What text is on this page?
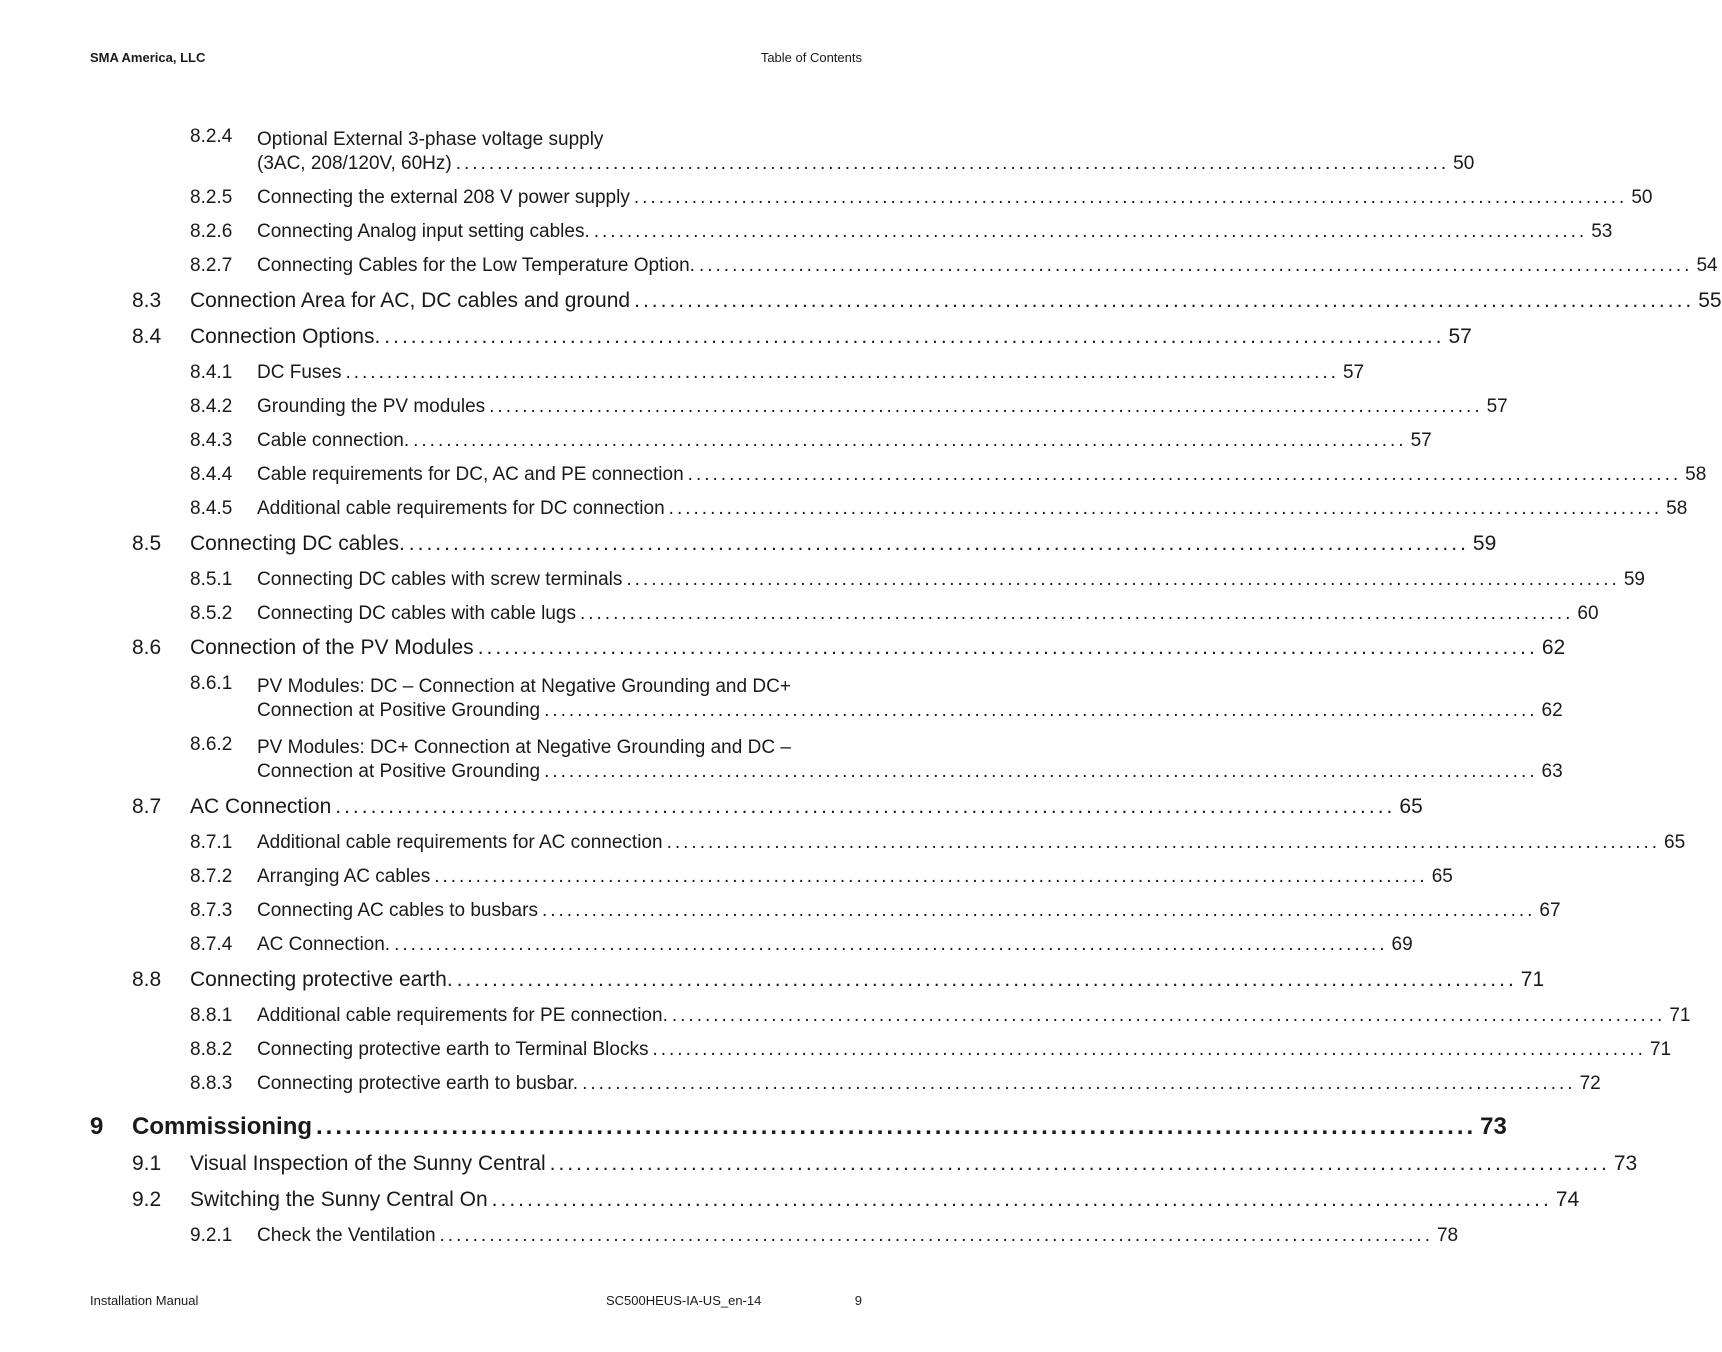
SMA America, LLC	Table of Contents
8.2.4 Optional External 3-phase voltage supply
(3AC, 208/120V, 60Hz) ........................................................................................................................ 50
8.2.5 Connecting the external 208 V power supply ........................................................................................................................ 50
8.2.6 Connecting Analog input setting cables. ........................................................................................................................ 53
8.2.7 Connecting Cables for the Low Temperature Option. ........................................................................................................................ 54
8.3 Connection Area for AC, DC cables and ground ........................................................................................................................ 55
8.4 Connection Options. ........................................................................................................................ 57
8.4.1 DC Fuses ........................................................................................................................ 57
8.4.2 Grounding the PV modules ........................................................................................................................ 57
8.4.3 Cable connection. ........................................................................................................................ 57
8.4.4 Cable requirements for DC, AC and PE connection ........................................................................................................................ 58
8.4.5 Additional cable requirements for DC connection ........................................................................................................................ 58
8.5 Connecting DC cables. ........................................................................................................................ 59
8.5.1 Connecting DC cables with screw terminals ........................................................................................................................ 59
8.5.2 Connecting DC cables with cable lugs ........................................................................................................................ 60
8.6 Connection of the PV Modules ........................................................................................................................ 62
8.6.1 PV Modules: DC – Connection at Negative Grounding and DC+
Connection at Positive Grounding ........................................................................................................................ 62
8.6.2 PV Modules: DC+ Connection at Negative Grounding and DC –
Connection at Positive Grounding ........................................................................................................................ 63
8.7 AC Connection ........................................................................................................................ 65
8.7.1 Additional cable requirements for AC connection ........................................................................................................................ 65
8.7.2 Arranging AC cables ........................................................................................................................ 65
8.7.3 Connecting AC cables to busbars ........................................................................................................................ 67
8.7.4 AC Connection. ........................................................................................................................ 69
8.8 Connecting protective earth. ........................................................................................................................ 71
8.8.1 Additional cable requirements for PE connection. ........................................................................................................................ 71
8.8.2 Connecting protective earth to Terminal Blocks ........................................................................................................................ 71
8.8.3 Connecting protective earth to busbar. ........................................................................................................................ 72
9 Commissioning ........................................................................................................................ 73
9.1 Visual Inspection of the Sunny Central ........................................................................................................................ 73
9.2 Switching the Sunny Central On ........................................................................................................................ 74
9.2.1 Check the Ventilation ........................................................................................................................ 78
Installation Manual	SC500HEUS-IA-US_en-14	9
